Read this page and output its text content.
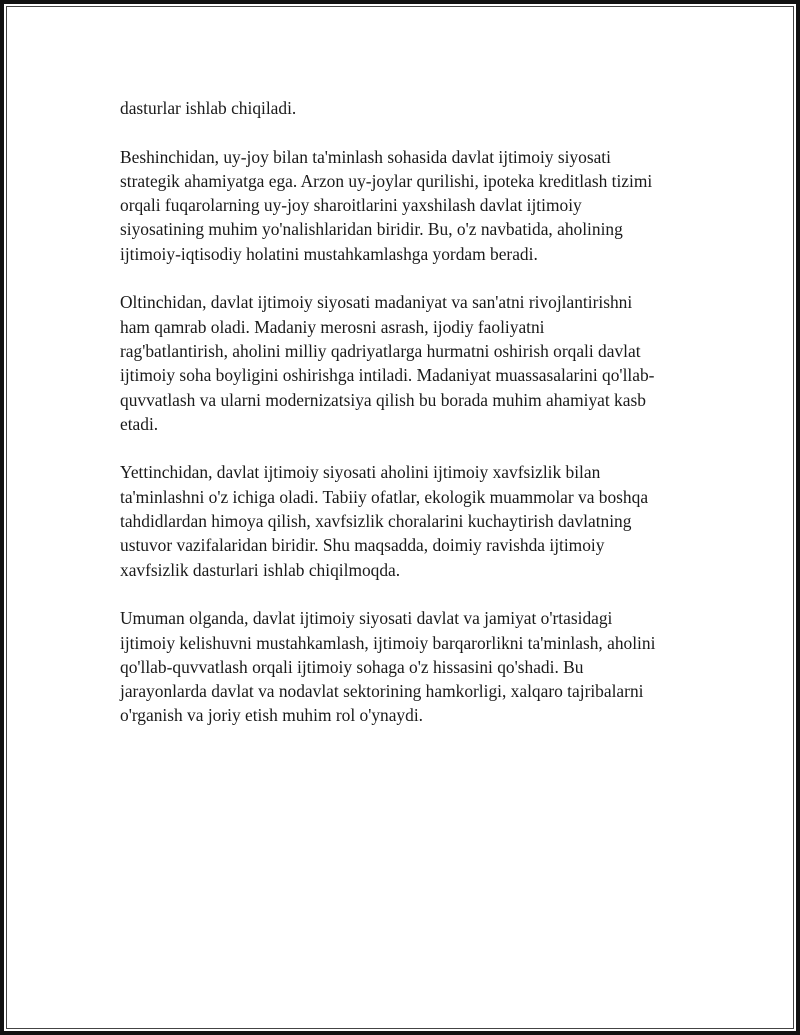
dasturlar ishlab chiqiladi.

Beshinchidan, uy-joy bilan ta'minlash sohasida davlat ijtimoiy siyosati
strategik ahamiyatga ega. Arzon uy-joylar qurilishi, ipoteka kreditlash tizimi
orqali fuqarolarning uy-joy sharoitlarini yaxshilash davlat ijtimoiy
siyosatining muhim yo'nalishlaridan biridir. Bu, o'z navbatida, aholining
ijtimoiy-iqtisodiy holatini mustahkamlashga yordam beradi.

Oltinchidan, davlat ijtimoiy siyosati madaniyat va san'atni rivojlantirishni
ham qamrab oladi. Madaniy merosni asrash, ijodiy faoliyatni
rag'batlantirish, aholini milliy qadriyatlarga hurmatni oshirish orqali davlat
ijtimoiy soha boyligini oshirishga intiladi. Madaniyat muassasalarini qo'llab-
quvvatlash va ularni modernizatsiya qilish bu borada muhim ahamiyat kasb
etadi.

Yettinchidan, davlat ijtimoiy siyosati aholini ijtimoiy xavfsizlik bilan
ta'minlashni o'z ichiga oladi. Tabiiy ofatlar, ekologik muammolar va boshqa
tahdidlardan himoya qilish, xavfsizlik choralarini kuchaytirish davlatning
ustuvor vazifalaridan biridir. Shu maqsadda, doimiy ravishda ijtimoiy
xavfsizlik dasturlari ishlab chiqilmoqda.

Umuman olganda, davlat ijtimoiy siyosati davlat va jamiyat o'rtasidagi
ijtimoiy kelishuvni mustahkamlash, ijtimoiy barqarorlikni ta'minlash, aholini
qo'llab-quvvatlash orqali ijtimoiy sohaga o'z hissasini qo'shadi. Bu
jarayonlarda davlat va nodavlat sektorining hamkorligi, xalqaro tajribalarni
o'rganish va joriy etish muhim rol o'ynaydi.
